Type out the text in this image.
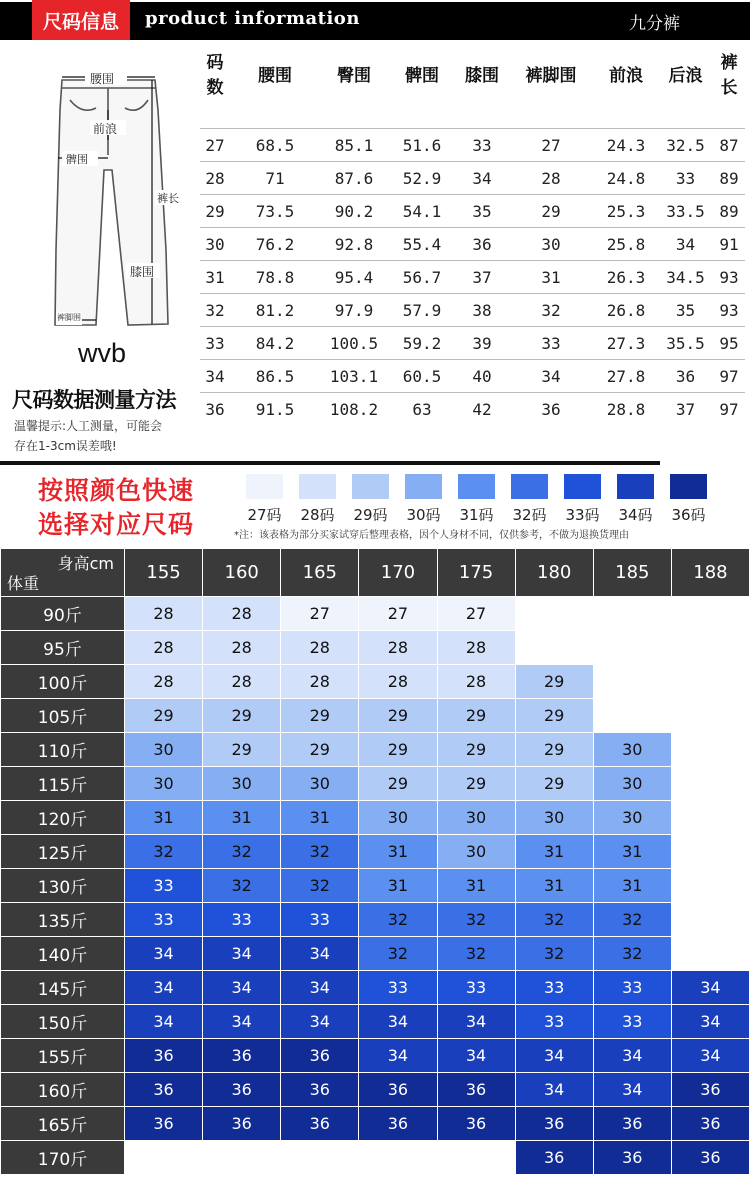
尺码信息	product information	九分裤
腰围
前浪
髀围
裤长
膝围
裤脚围
wvb
尺码数据测量方法
温馨提示:人工测量，可能会
存在1-3cm误差哦!
码数
腰围	臀围	髀围	膝围	裤脚围	前浪	后浪
裤长
27	68.5	85.1	51.6	33	27	24.3	32.5 87
28	71	87.6	52.9	34	28	24.8	33	89
29	73.5	90.2	54.1	35	29	25.3	33.5 89
30	76.2	92.8	55.4	36	30	25.8	34	91
31	78.8	95.4	56.7	37	31	26.3	34.5 93
32	81.2	97.9	57.9	38	32	26.8	35	93
33	84.2	100.5	59.2	39	33	27.3	35.5 95
34	86.5	103.1	60.5	40	34	27.8	36	97
36	91.5	108.2	63	42	36	28.8	37	97
按照颜色快速
选择对应尺码	27码	28码	29码	30码	31码	32码	33码	34码	36码
*注：该表格为部分买家试穿后整理表格，因个人身材不同，仅供参考，不做为退换货理由
身高cm
体重	155	160	165	170	175	180	185	188
90斤	28	28	27	27	27			
95斤	28	28	28	28	28			
100斤	28	28	28	28	28	29		
105斤	29	29	29	29	29	29		
110斤	30	29	29	29	29	29	30	
115斤	30	30	30	29	29	29	30	
120斤	31	31	31	30	30	30	30	
125斤	32	32	32	31	30	31	31	
130斤	33	32	32	31	31	31	31	
135斤	33	33	33	32	32	32	32	
140斤	34	34	34	32	32	32	32	
145斤	34	34	34	33	33	33	33	34
150斤	34	34	34	34	34	33	33	34
155斤	36	36	36	34	34	34	34	34
160斤	36	36	36	36	36	34	34	36
165斤	36	36	36	36	36	36	36	36
170斤						36	36	36
